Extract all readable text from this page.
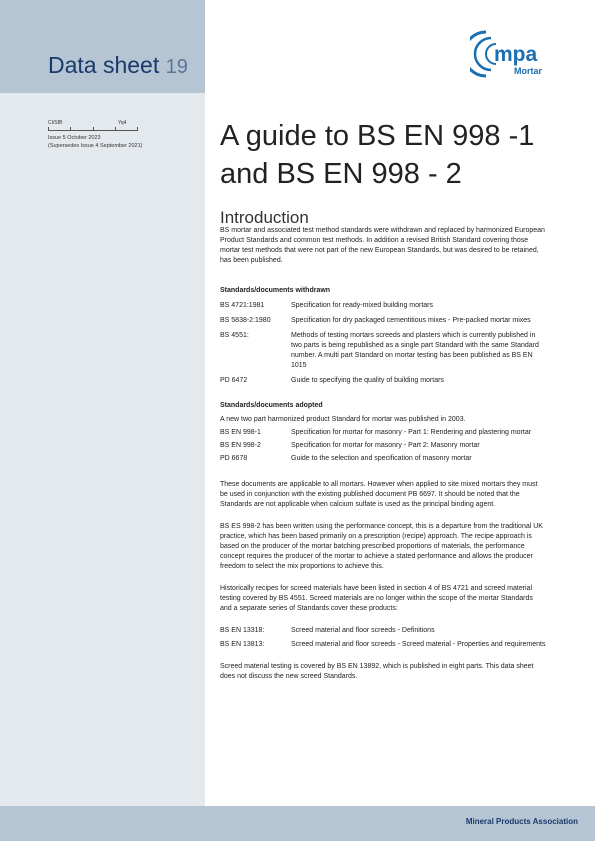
Data sheet 19
mpa
Mortar
CI/SfB	Yq4
Issue 5 October 2023
(Supersedes Issue 4 September 2021)	A guide to BS EN 998 -1 and BS EN 998 - 2
Introduction

BS mortar and associated test method standards were withdrawn and replaced by harmonized European Product Standards and common test methods. In addition a revised British Standard covering those mortar test methods that were not part of the new European Standards, but was desired to be retained, has been published.

Standards/documents withdrawn

BS 4721:1981	Specification for ready-mixed building mortars
BS 5838-2:1980	Specification for dry packaged cementitious mixes - Pre-packed mortar mixes
BS 4551:	Methods of testing mortars screeds and plasters which is currently published in two parts is being republished as a single part Standard with the same Standard number. A multi part Standard on mortar testing has been published as BS EN 1015
PD 6472	Guide to specifying the quality of building mortars

Standards/documents adopted

A new two part harmonized product Standard for mortar was published in 2003.

BS EN 998-1	Specification for mortar for masonry - Part 1: Rendering and plastering mortar
BS EN 998-2	Specification for mortar for masonry - Part 2: Masonry mortar
PD 6678	Guide to the selection and specification of masonry mortar

These documents are applicable to all mortars. However when applied to site mixed mortars they must be used in conjunction with the existing published document PB 6697. It should be noted that the Standards are not applicable when calcium sulfate is used as the principal binding agent.

BS ES 998-2 has been written using the performance concept, this is a departure from the traditional UK practice, which has been based primarily on a prescription (recipe) approach. The recipe approach is based on the producer of the mortar batching prescribed proportions of materials, the performance concept requires the producer of the mortar to achieve a stated performance and allows the producer freedom to select the mix proportions to achieve this.

Historically recipes for screed materials have been listed in section 4 of BS 4721 and screed material testing covered by BS 4551. Screed materials are no longer within the scope of the mortar Standards and a separate series of Standards cover these products:

BS EN 13318:	Screed material and floor screeds - Definitions
BS EN 13813:	Screed material and floor screeds - Screed material - Properties and requirements

Screed material testing is covered by BS EN 13892, which is published in eight parts. This data sheet does not discuss the new screed Standards.

Mineral Products Association
